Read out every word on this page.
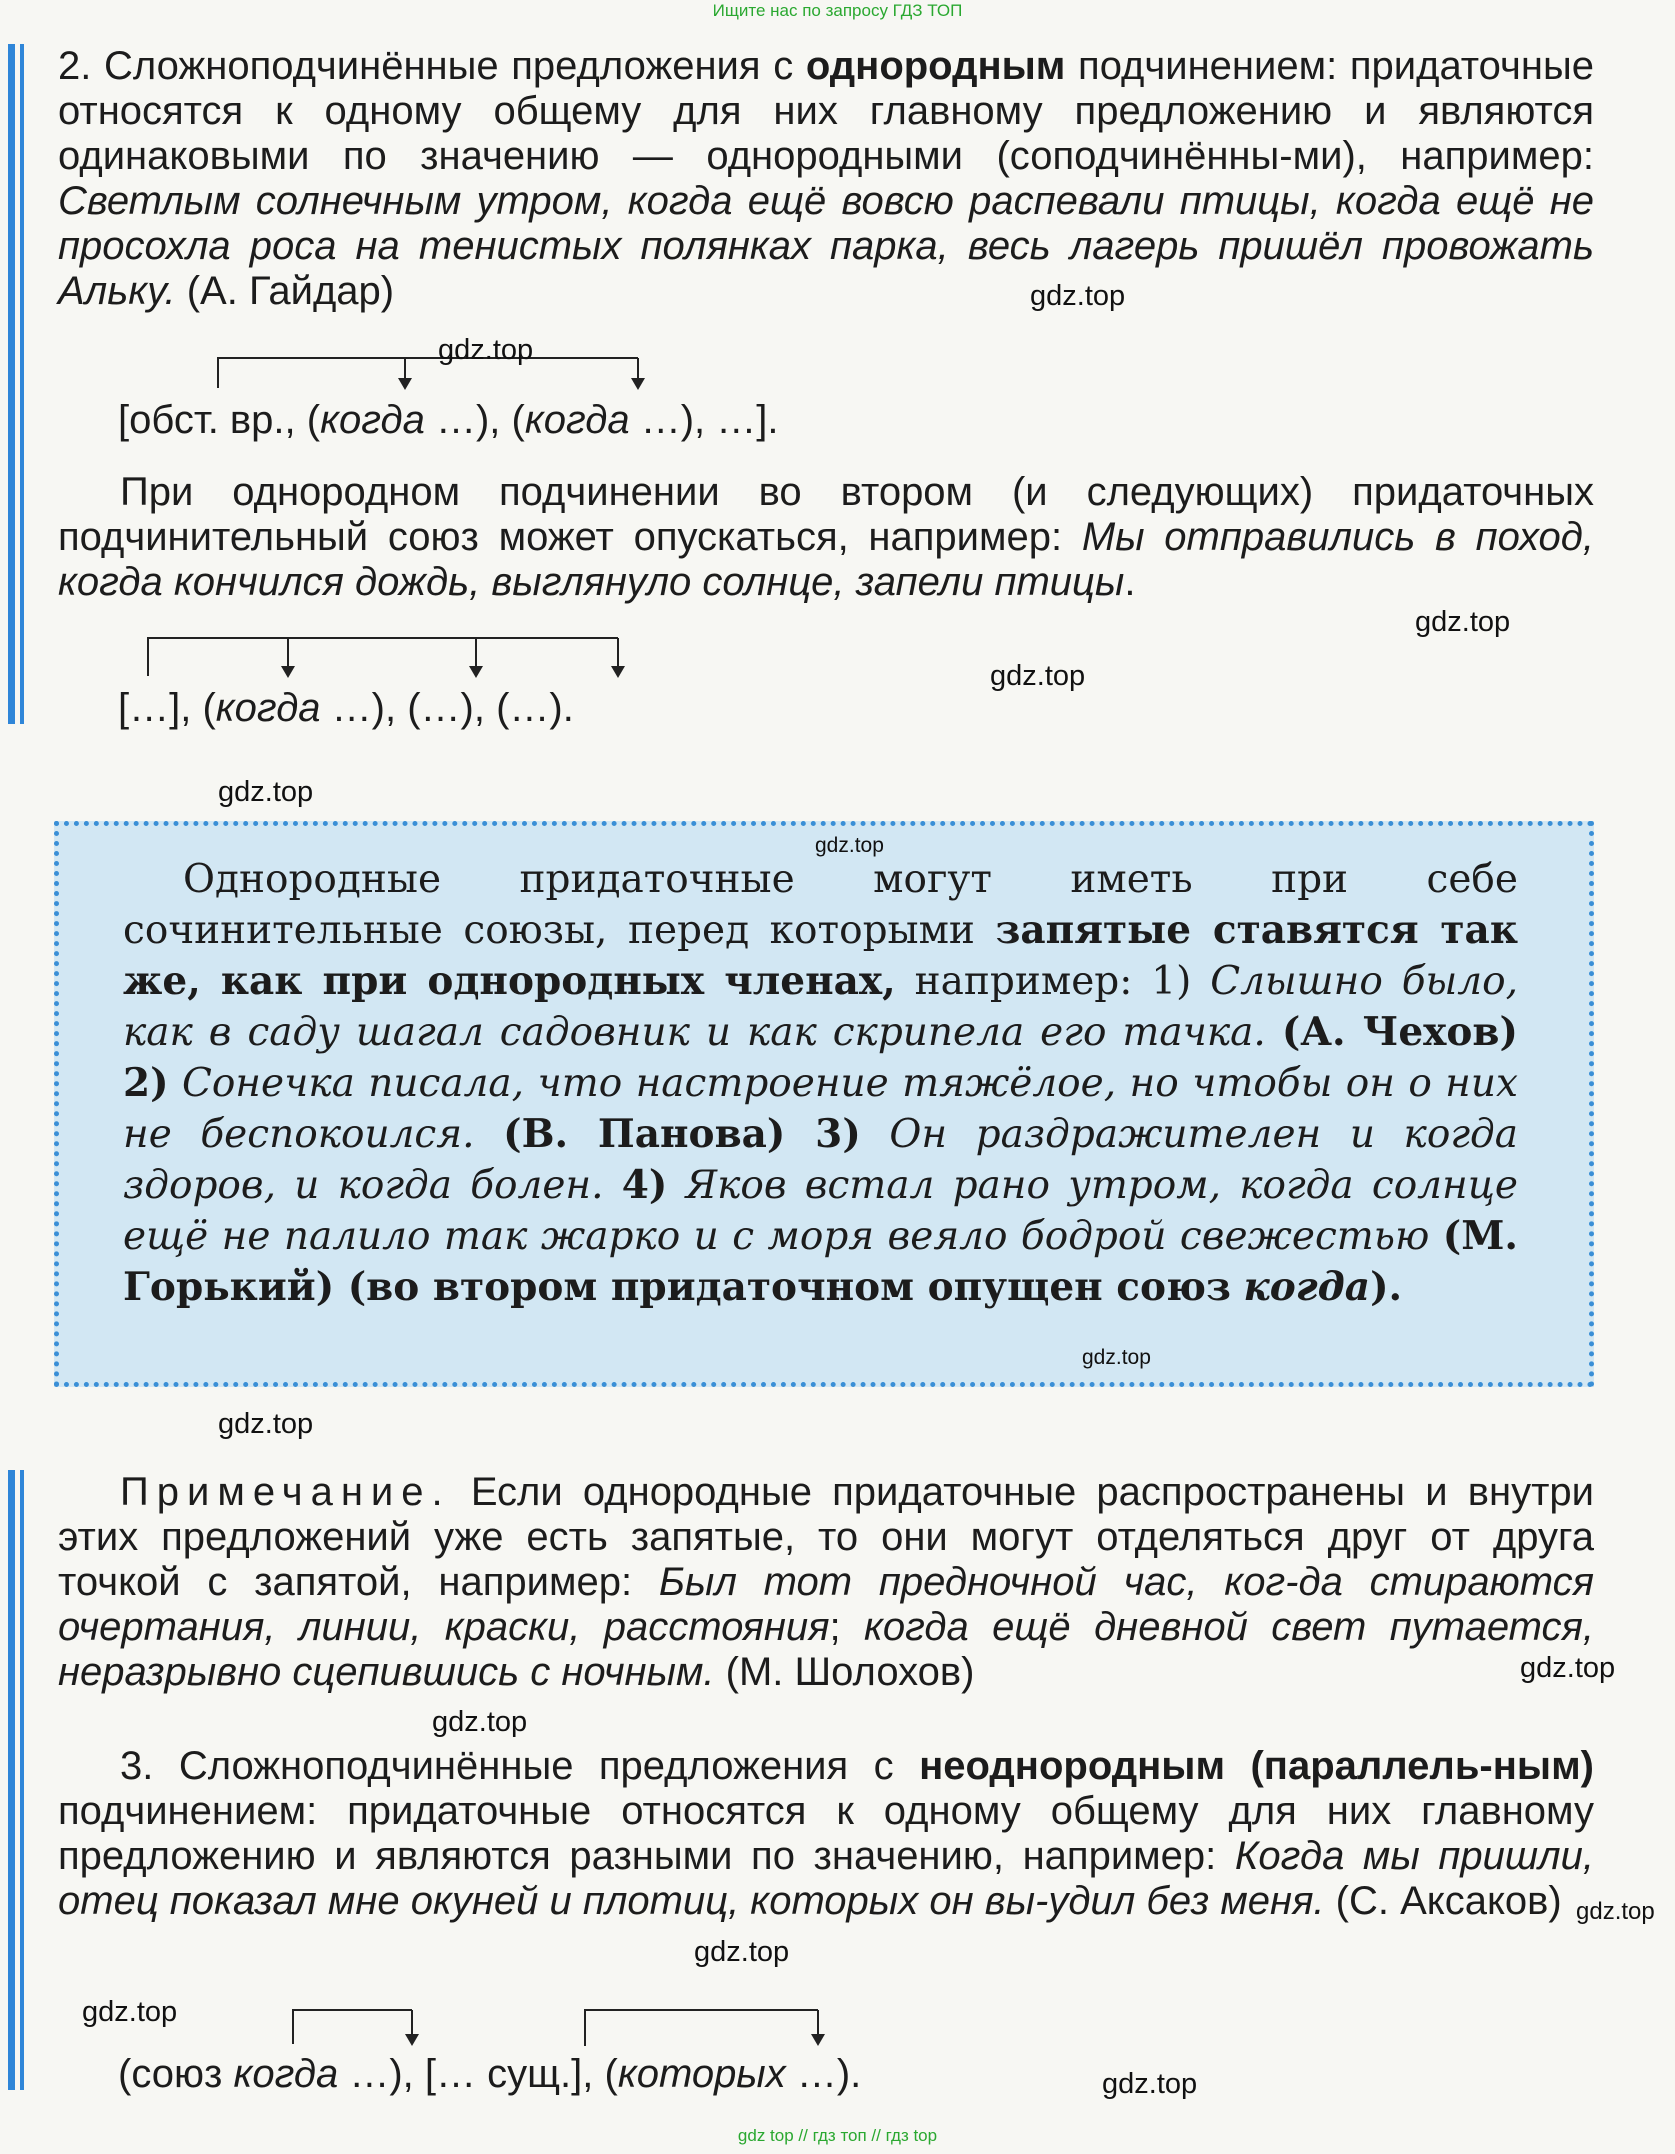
Ищите нас по запросу ГДЗ ТОП

2. Сложноподчинённые предложения с однородным подчинением: придаточные относятся к одному общему для них главному предложению и являются одинаковыми по значению — однородными (соподчинённы-ми), например: Светлым солнечным утром, когда ещё вовсю распевали птицы, когда ещё не просохла роса на тенистых полянках парка, весь лагерь пришёл провожать Альку. (А. Гайдар)

[обст. вр., (когда …), (когда …), …].

При однородном подчинении во втором (и следующих) придаточных подчинительный союз может опускаться, например: Мы отправились в поход, когда кончился дождь, выглянуло солнце, запели птицы.

[…], (когда …), (…), (…).
Однородные придаточные могут иметь при себе сочинительные союзы, перед которыми запятые ставятся так же, как при однородных членах, например: 1) Слышно было, как в саду шагал садовник и как скрипела его тачка. (А. Чехов) 2) Сонечка писала, что настроение тяжёлое, но чтобы он о них не беспокоился. (В. Панова) 3) Он раздражителен и когда здоров, и когда болен. 4) Яков встал рано утром, когда солнце ещё не палило так жарко и с моря веяло бодрой свежестью (М. Горький) (во втором придаточном опущен союз когда).

Примечание. Если однородные придаточные распространены и внутри этих предложений уже есть запятые, то они могут отделяться друг от друга точкой с запятой, например: Был тот предночной час, ког-да стираются очертания, линии, краски, расстояния; когда ещё дневной свет путается, неразрывно сцепившись с ночным. (М. Шолохов)

3. Сложноподчинённые предложения с неоднородным (параллель-ным) подчинением: придаточные относятся к одному общему для них главному предложению и являются разными по значению, например: Когда мы пришли, отец показал мне окуней и плотиц, которых он вы-удил без меня. (С. Аксаков)

(союз когда …), [… сущ.], (которых …).
gdz.top
gdz.top
gdz.top
gdz.top
gdz.top
gdz.top
gdz.top
gdz.top
gdz.top
gdz.top
gdz.top
gdz.top
gdz.top
gdz.top
gdz top // гдз топ // гдз top
